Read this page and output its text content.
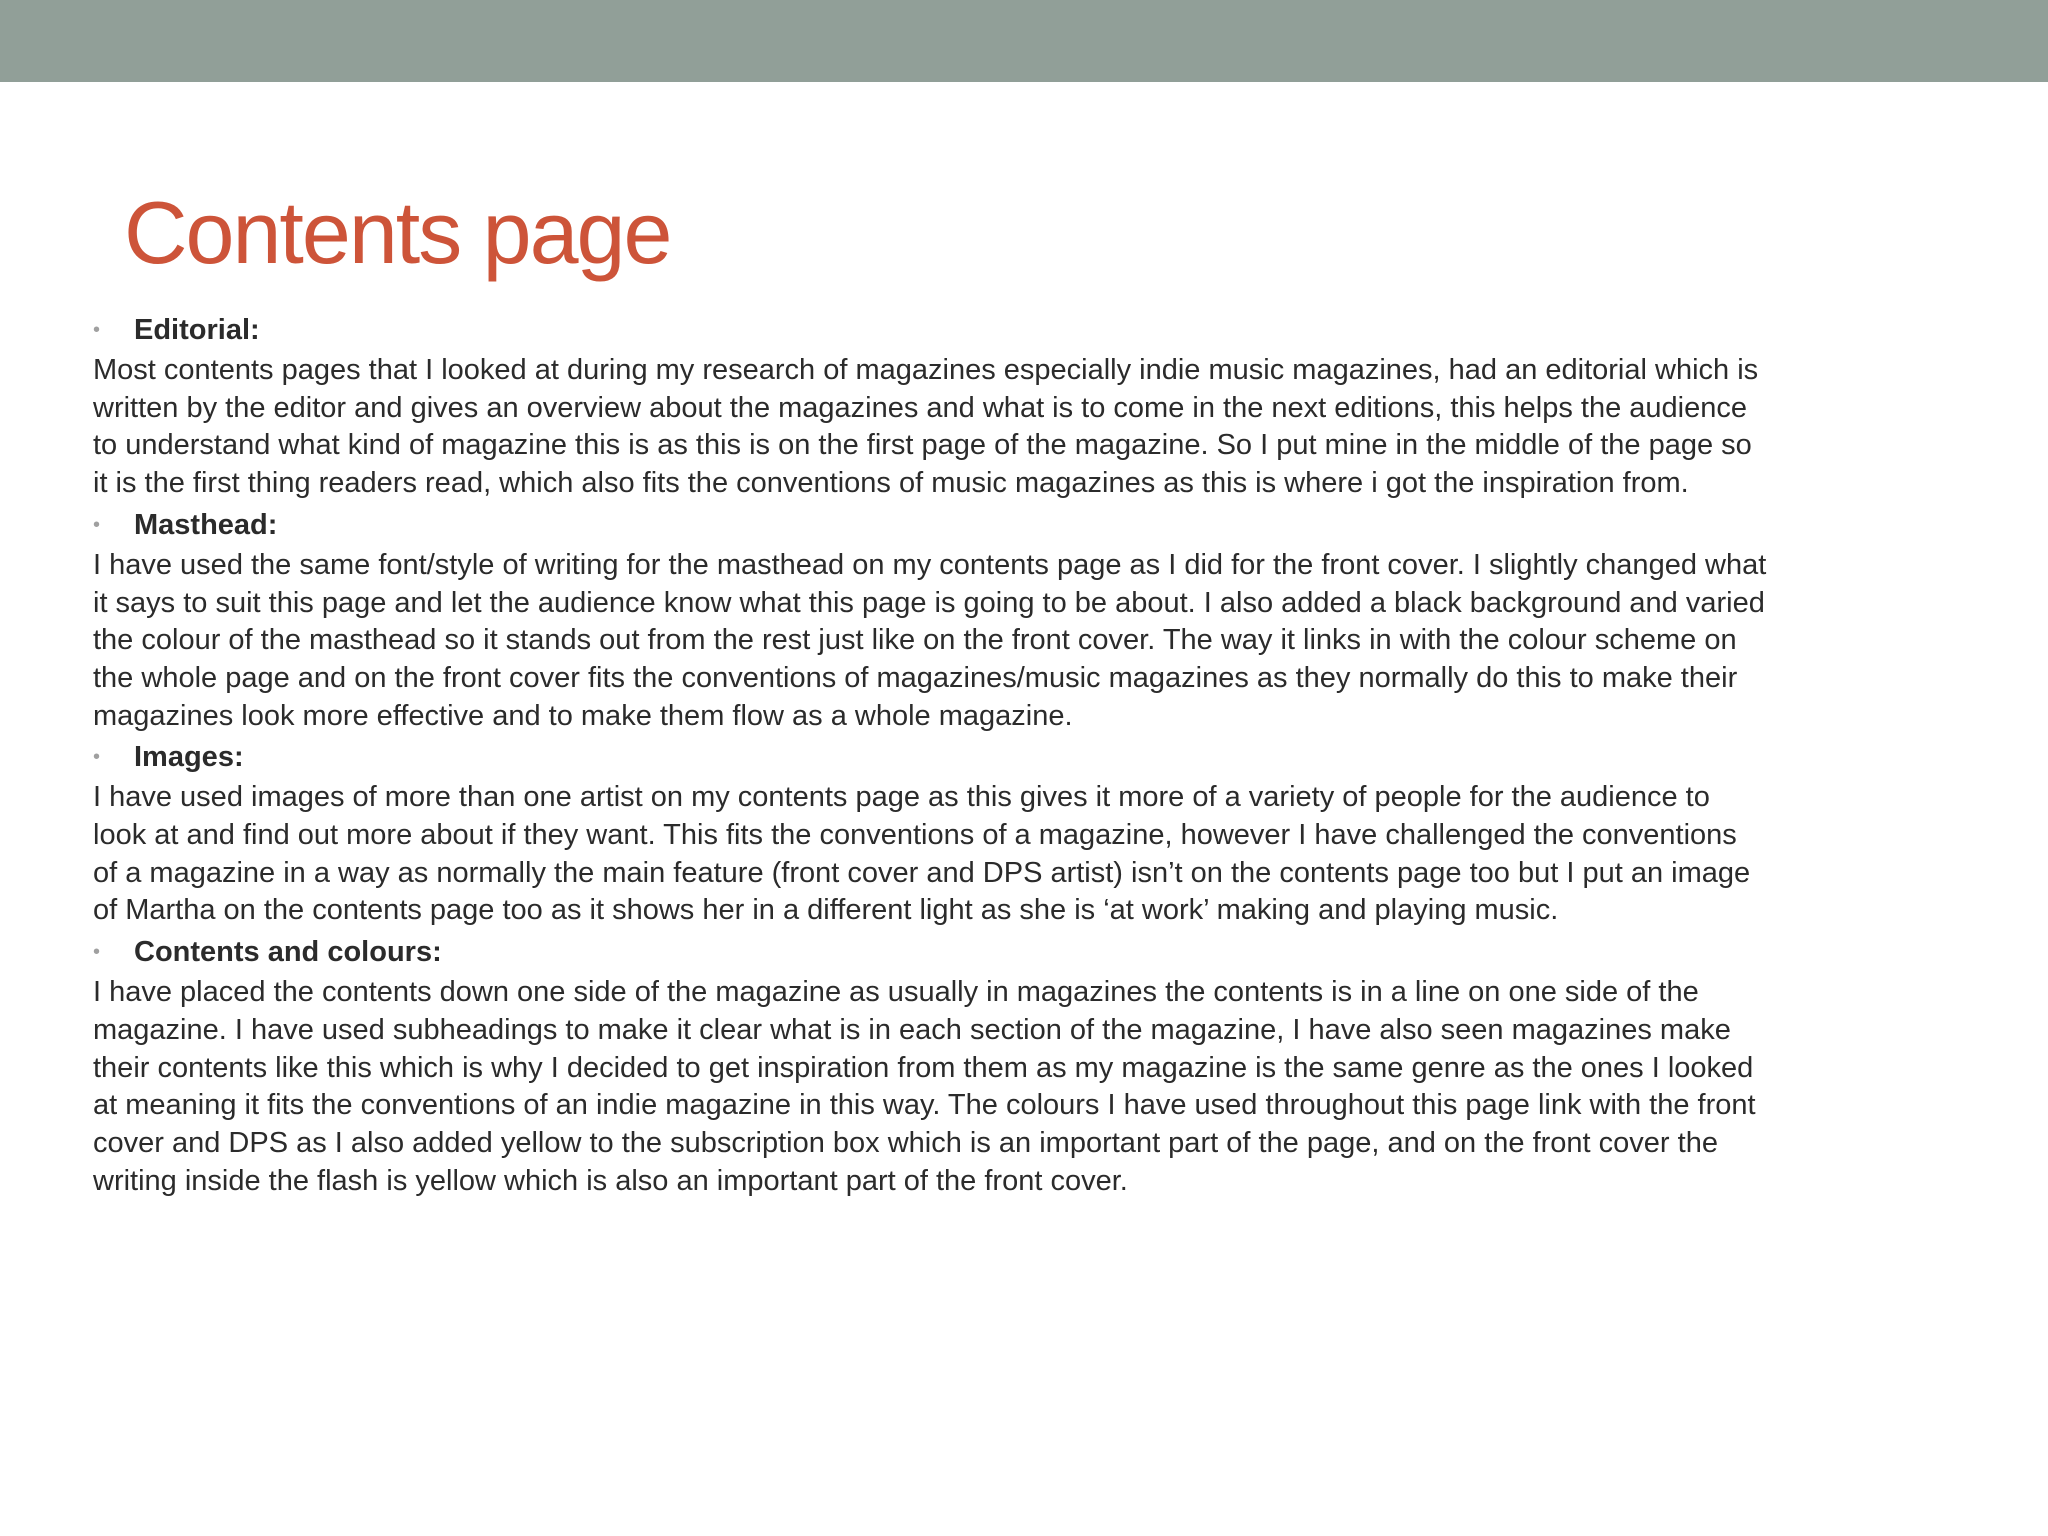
Contents page
• Editorial:

Most contents pages that I looked at during my research of magazines especially indie music magazines, had an editorial which is
written by the editor and gives an overview about the magazines and what is to come in the next editions, this helps the audience
to understand what kind of magazine this is as this is on the first page of the magazine. So I put mine in the middle of the page so
it is the first thing readers read, which also fits the conventions of music magazines as this is where i got the inspiration from.

• Masthead:

I have used the same font/style of writing for the masthead on my contents page as I did for the front cover. I slightly changed what
it says to suit this page and let the audience know what this page is going to be about. I also added a black background and varied
the colour of the masthead so it stands out from the rest just like on the front cover. The way it links in with the colour scheme on
the whole page and on the front cover fits the conventions of magazines/music magazines as they normally do this to make their
magazines look more effective and to make them flow as a whole magazine.

• Images:

I have used images of more than one artist on my contents page as this gives it more of a variety of people for the audience to
look at and find out more about if they want. This fits the conventions of a magazine, however I have challenged the conventions
of a magazine in a way as normally the main feature (front cover and DPS artist) isn’t on the contents page too but I put an image
of Martha on the contents page too as it shows her in a different light as she is ‘at work’ making and playing music.

• Contents and colours:

I have placed the contents down one side of the magazine as usually in magazines the contents is in a line on one side of the
magazine. I have used subheadings to make it clear what is in each section of the magazine, I have also seen magazines make
their contents like this which is why I decided to get inspiration from them as my magazine is the same genre as the ones I looked
at meaning it fits the conventions of an indie magazine in this way. The colours I have used throughout this page link with the front
cover and DPS as I also added yellow to the subscription box which is an important part of the page, and on the front cover the
writing inside the flash is yellow which is also an important part of the front cover.
